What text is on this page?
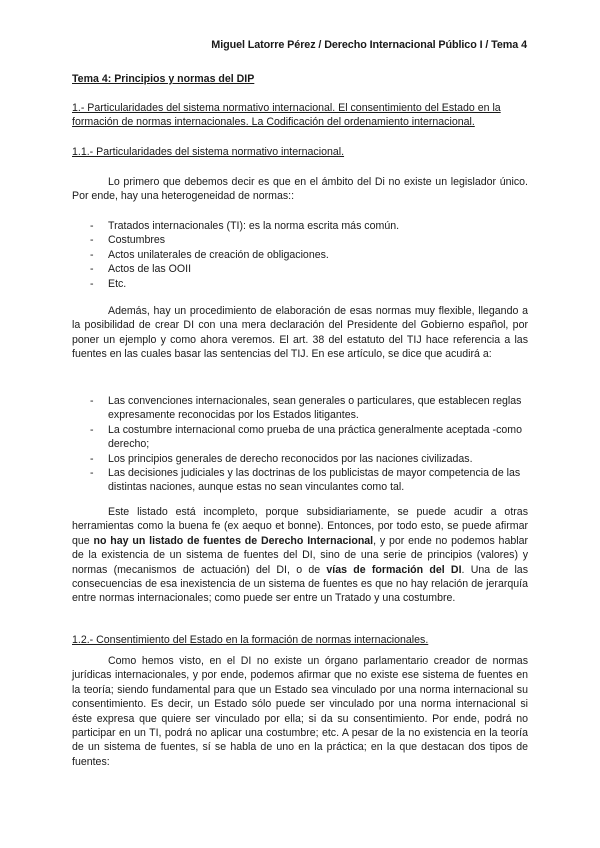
Miguel Latorre Pérez / Derecho Internacional Público I / Tema 4

Tema 4: Principios y normas del DIP

1.- Particularidades del sistema normativo internacional. El consentimiento del Estado en la formación de normas internacionales. La Codificación del ordenamiento internacional.

1.1.- Particularidades del sistema normativo internacional.

Lo primero que debemos decir es que en el ámbito del Di no existe un legislador único. Por ende, hay una heterogeneidad de normas::

- Tratados internacionales (TI): es la norma escrita más común.
- Costumbres
- Actos unilaterales de creación de obligaciones.
- Actos de las OOII
- Etc.

Además, hay un procedimiento de elaboración de esas normas muy flexible, llegando a la posibilidad de crear DI con una mera declaración del Presidente del Gobierno español, por poner un ejemplo y como ahora veremos. El art. 38 del estatuto del TIJ hace referencia a las fuentes en las cuales basar las sentencias del TIJ. En ese artículo, se dice que acudirá a:

- Las convenciones internacionales, sean generales o particulares, que establecen reglas expresamente reconocidas por los Estados litigantes.
- La costumbre internacional como prueba de una práctica generalmente aceptada -como derecho;
- Los principios generales de derecho reconocidos por las naciones civilizadas.
- Las decisiones judiciales y las doctrinas de los publicistas de mayor competencia de las distintas naciones, aunque estas no sean vinculantes como tal.

Este listado está incompleto, porque subsidiariamente, se puede acudir a otras herramientas como la buena fe (ex aequo et bonne). Entonces, por todo esto, se puede afirmar que no hay un listado de fuentes de Derecho Internacional, y por ende no podemos hablar de la existencia de un sistema de fuentes del DI, sino de una serie de principios (valores) y normas (mecanismos de actuación) del DI, o de vías de formación del DI. Una de las consecuencias de esa inexistencia de un sistema de fuentes es que no hay relación de jerarquía entre normas internacionales; como puede ser entre un Tratado y una costumbre.

1.2.- Consentimiento del Estado en la formación de normas internacionales.

Como hemos visto, en el DI no existe un órgano parlamentario creador de normas jurídicas internacionales, y por ende, podemos afirmar que no existe ese sistema de fuentes en la teoría; siendo fundamental para que un Estado sea vinculado por una norma internacional su consentimiento. Es decir, un Estado sólo puede ser vinculado por una norma internacional si éste expresa que quiere ser vinculado por ella; si da su consentimiento. Por ende, podrá no participar en un TI, podrá no aplicar una costumbre; etc. A pesar de la no existencia en la teoría de un sistema de fuentes, sí se habla de uno en la práctica; en la que destacan dos tipos de fuentes:
